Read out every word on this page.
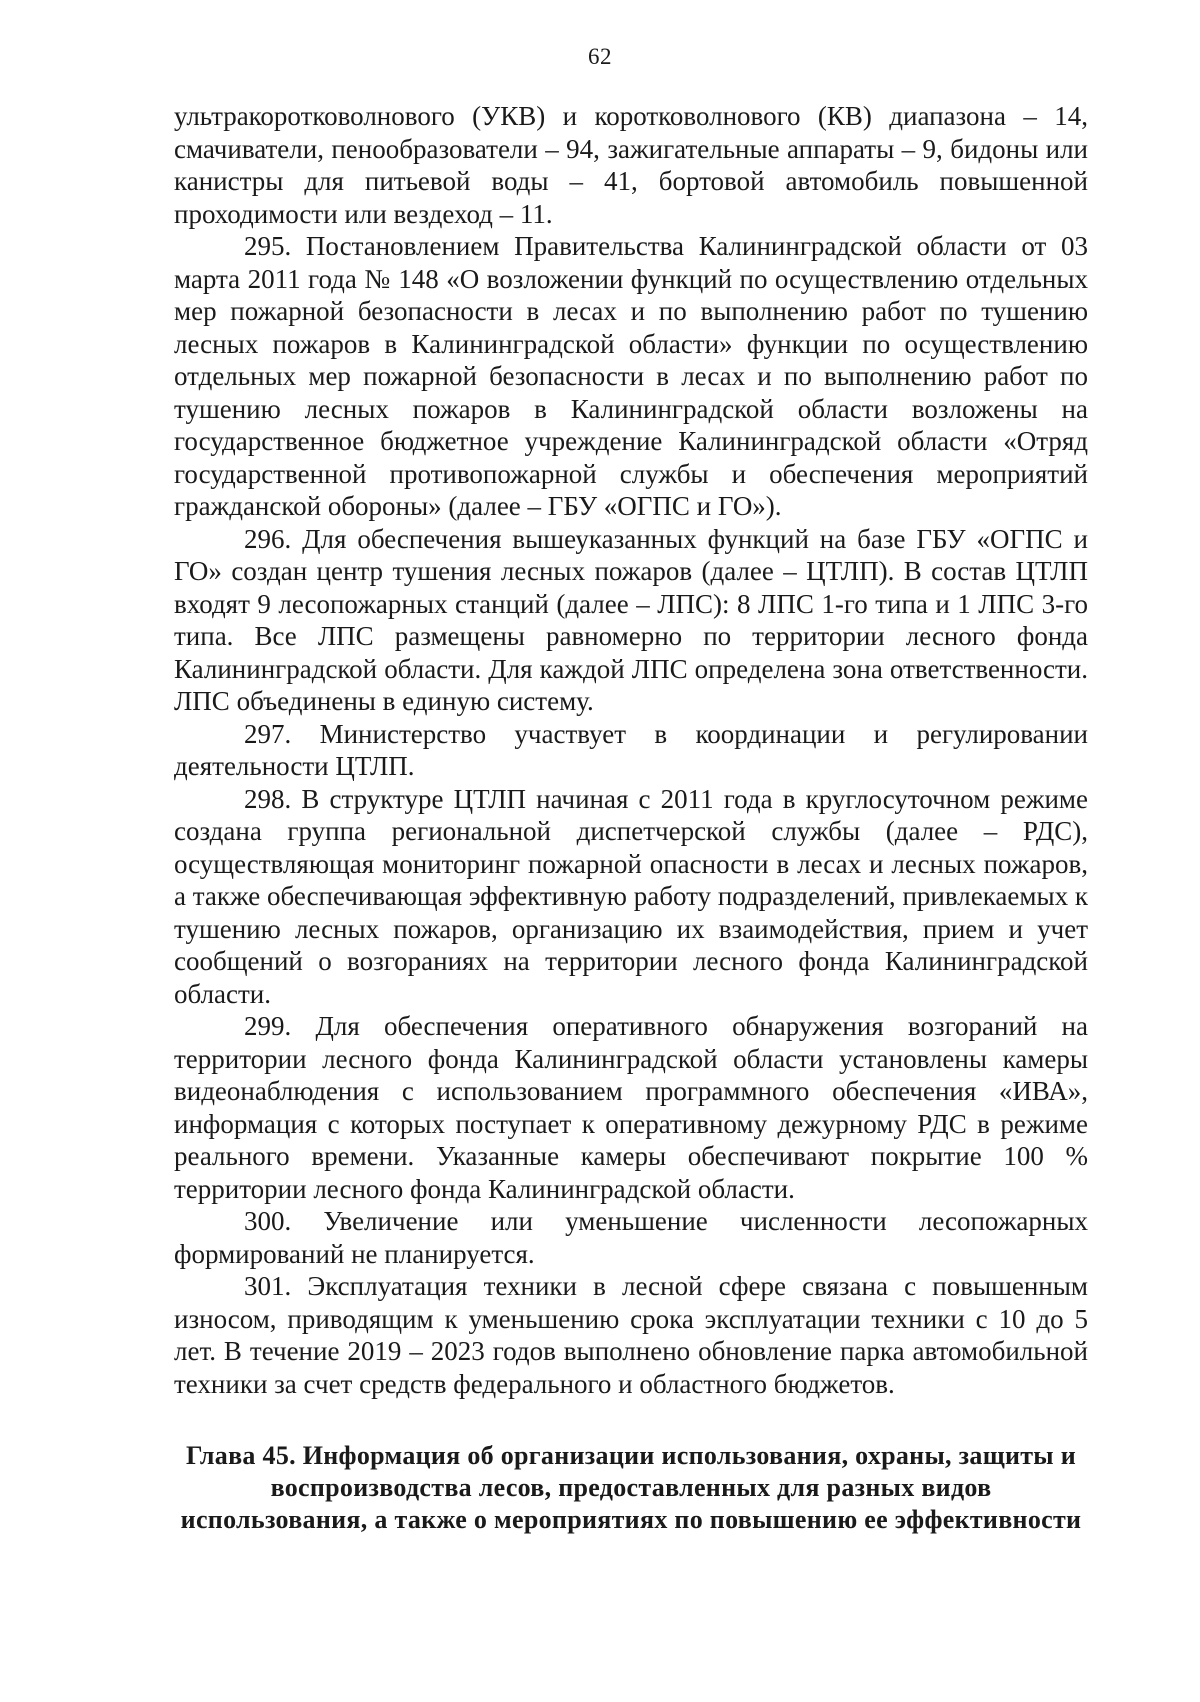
62

ультракоротковолнового (УКВ) и коротковолнового (КВ) диапазона – 14, смачиватели, пенообразователи – 94, зажигательные аппараты – 9, бидоны или канистры для питьевой воды – 41, бортовой автомобиль повышенной проходимости или вездеход – 11.

295. Постановлением Правительства Калининградской области от 03 марта 2011 года № 148 «О возложении функций по осуществлению отдельных мер пожарной безопасности в лесах и по выполнению работ по тушению лесных пожаров в Калининградской области» функции по осуществлению отдельных мер пожарной безопасности в лесах и по выполнению работ по тушению лесных пожаров в Калининградской области возложены на государственное бюджетное учреждение Калининградской области «Отряд государственной противопожарной службы и обеспечения мероприятий гражданской обороны» (далее – ГБУ «ОГПС и ГО»).

296. Для обеспечения вышеуказанных функций на базе ГБУ «ОГПС и ГО» создан центр тушения лесных пожаров (далее – ЦТЛП). В состав ЦТЛП входят 9 лесопожарных станций (далее – ЛПС): 8 ЛПС 1-го типа и 1 ЛПС 3-го типа. Все ЛПС размещены равномерно по территории лесного фонда Калининградской области. Для каждой ЛПС определена зона ответственности. ЛПС объединены в единую систему.

297. Министерство участвует в координации и регулировании деятельности ЦТЛП.

298. В структуре ЦТЛП начиная с 2011 года в круглосуточном режиме создана группа региональной диспетчерской службы (далее – РДС), осуществляющая мониторинг пожарной опасности в лесах и лесных пожаров, а также обеспечивающая эффективную работу подразделений, привлекаемых к тушению лесных пожаров, организацию их взаимодействия, прием и учет сообщений о возгораниях на территории лесного фонда Калининградской области.

299. Для обеспечения оперативного обнаружения возгораний на территории лесного фонда Калининградской области установлены камеры видеонаблюдения с использованием программного обеспечения «ИВА», информация с которых поступает к оперативному дежурному РДС в режиме реального времени. Указанные камеры обеспечивают покрытие 100 % территории лесного фонда Калининградской области.

300. Увеличение или уменьшение численности лесопожарных формирований не планируется.

301. Эксплуатация техники в лесной сфере связана с повышенным износом, приводящим к уменьшению срока эксплуатации техники с 10 до 5 лет. В течение 2019 – 2023 годов выполнено обновление парка автомобильной техники за счет средств федерального и областного бюджетов.

Глава 45. Информация об организации использования, охраны, защиты и воспроизводства лесов, предоставленных для разных видов использования, а также о мероприятиях по повышению ее эффективности
